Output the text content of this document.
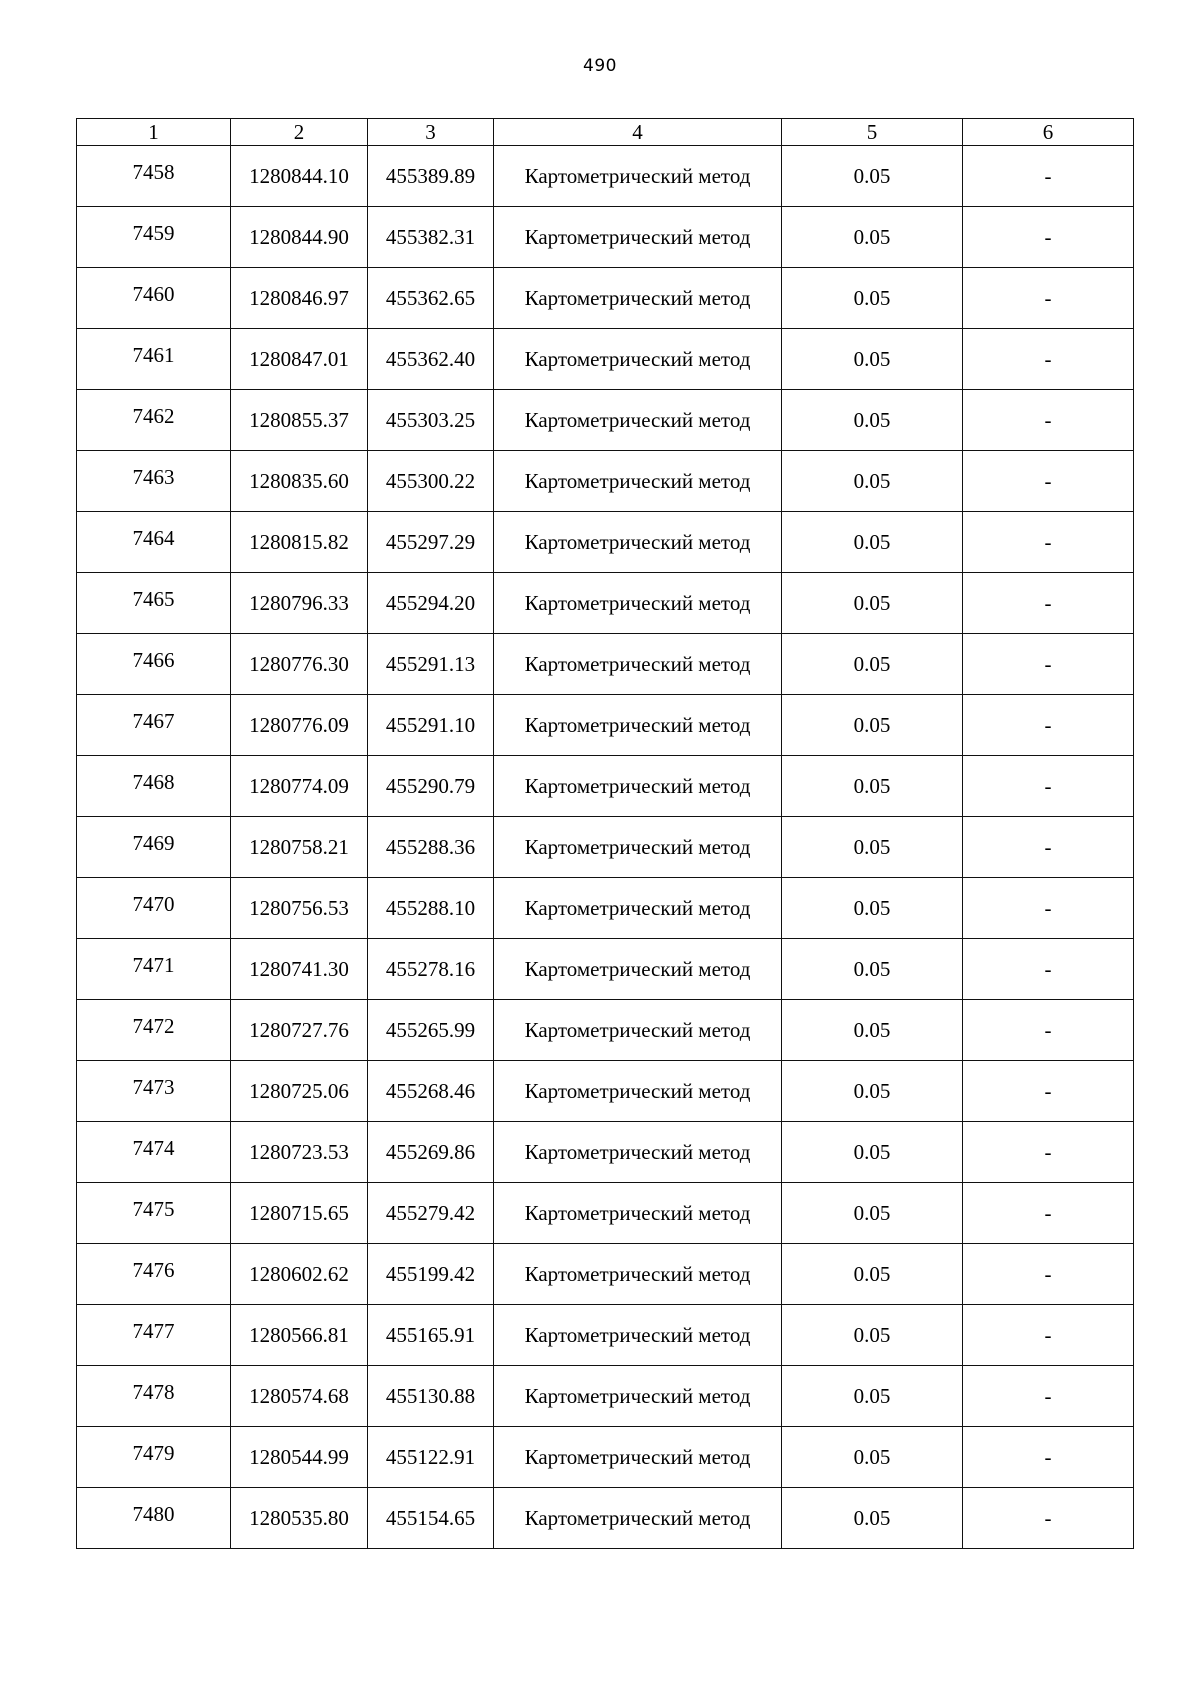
490
1	2	3	4	5	6
7458	1280844.10	455389.89	Картометрический метод	0.05	-
7459	1280844.90	455382.31	Картометрический метод	0.05	-
7460	1280846.97	455362.65	Картометрический метод	0.05	-
7461	1280847.01	455362.40	Картометрический метод	0.05	-
7462	1280855.37	455303.25	Картометрический метод	0.05	-
7463	1280835.60	455300.22	Картометрический метод	0.05	-
7464	1280815.82	455297.29	Картометрический метод	0.05	-
7465	1280796.33	455294.20	Картометрический метод	0.05	-
7466	1280776.30	455291.13	Картометрический метод	0.05	-
7467	1280776.09	455291.10	Картометрический метод	0.05	-
7468	1280774.09	455290.79	Картометрический метод	0.05	-
7469	1280758.21	455288.36	Картометрический метод	0.05	-
7470	1280756.53	455288.10	Картометрический метод	0.05	-
7471	1280741.30	455278.16	Картометрический метод	0.05	-
7472	1280727.76	455265.99	Картометрический метод	0.05	-
7473	1280725.06	455268.46	Картометрический метод	0.05	-
7474	1280723.53	455269.86	Картометрический метод	0.05	-
7475	1280715.65	455279.42	Картометрический метод	0.05	-
7476	1280602.62	455199.42	Картометрический метод	0.05	-
7477	1280566.81	455165.91	Картометрический метод	0.05	-
7478	1280574.68	455130.88	Картометрический метод	0.05	-
7479	1280544.99	455122.91	Картометрический метод	0.05	-
7480	1280535.80	455154.65	Картометрический метод	0.05	-
